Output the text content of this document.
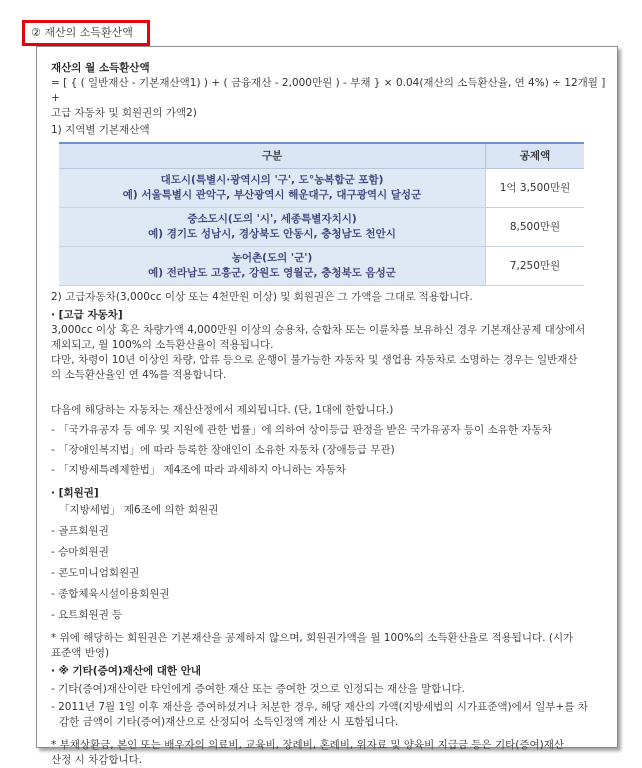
② 재산의 소득환산액

재산의 월 소득환산액

= [ { ( 일반재산 - 기본재산액1) ) + ( 금융재산 - 2,000만원 ) - 부채 } × 0.04(재산의 소득환산율, 연 4%) ÷ 12개월 ] +

고급 자동차 및 회원권의 가액2)

1) 지역별 기본재산액

구분	공제액

대도시(특별시·광역시의 '구', 도°농복합군 포함)
예) 서울특별시 관악구, 부산광역시 해운대구, 대구광역시 달성군	1억 3,500만원

중소도시(도의 '시', 세종특별자치시)
예) 경기도 성남시, 경상북도 안동시, 충청남도 천안시	8,500만원

농어촌(도의 '군')
예) 전라남도 고흥군, 강원도 영월군, 충청북도 음성군	7,250만원

2) 고급자동차(3,000cc 이상 또는 4천만원 이상) 및 회원권은 그 가액을 그대로 적용합니다.

· [고급 자동차]

3,000cc 이상 혹은 차량가액 4,000만원 이상의 승용차, 승합차 또는 이륜차를 보유하신 경우 기본재산공제 대상에서

제외되고, 월 100%의 소득환산율이 적용됩니다.

다만, 차령이 10년 이상인 차량, 압류 등으로 운행이 불가능한 자동차 및 생업용 자동차로 소명하는 경우는 일반재산

의 소득환산율인 연 4%를 적용합니다.

다음에 해당하는 자동차는 재산산정에서 제외됩니다. (단, 1대에 한합니다.)

- 「국가유공자 등 예우 및 지원에 관한 법률」에 의하여 상이등급 판정을 받은 국가유공자 등이 소유한 자동차

- 「장애인복지법」에 따라 등록한 장애인이 소유한 자동차 (장애등급 무관)

- 「지방세특례제한법」 제4조에 따라 과세하지 아니하는 자동차

· [회원권]

「지방세법」 제6조에 의한 회원권

- 골프회원권

- 승마회원권

- 콘도미니엄회원권

- 종합체육시설이용회원권

- 요트회원권 등

* 위에 해당하는 회원권은 기본재산을 공제하지 않으며, 회원권가액을 월 100%의 소득환산율로 적용됩니다. (시가

표준액 반영)

· ※ 기타(증여)재산에 대한 안내

- 기타(증여)재산이란 타인에게 증여한 재산 또는 증여한 것으로 인정되는 재산을 말합니다.

- 2011년 7월 1일 이후 재산을 증여하셨거나 처분한 경우, 해당 재산의 가액(지방세법의 시가표준액)에서 일부+를 차

감한 금액이 기타(증여)재산으로 산정되어 소득인정액 계산 시 포함됩니다.

* 부채상환금, 본인 또는 배우자의 의료비, 교육비, 장례비, 혼례비, 위자료 및 양육비 지급금 등은 기타(증여)재산

산정 시 차감합니다.
